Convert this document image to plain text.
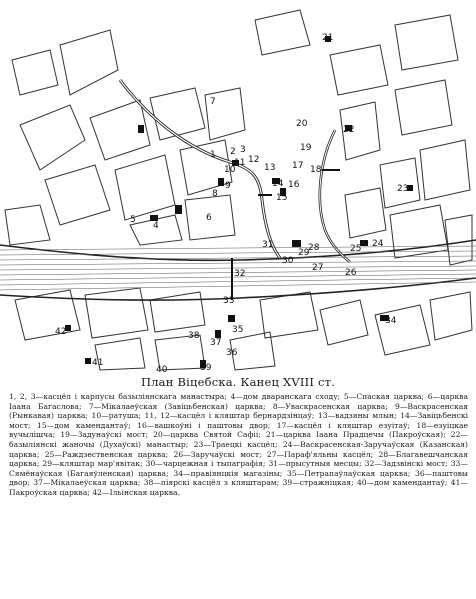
1 2 3
4
5	6
7
8
9
10
11 12
13
14
15
16
17 18
19
20
21
22
23
24
25
26
27
28
29
30
31
32
33
34
35
36
37
38
39
40
41
42
План Віцебска. Канец XVIII ст.

1, 2, 3—касцёл і карпусы базыліянскага манастыра; 4—дом дваранскага сходу; 5—Спаская царква; 6—царква Іаана Багаслова; 7—Мікалаеўская (Завіцьбенская) царква; 8—Уваскрасенская царква; 9—Васкрасенская (Рынкавая) царква; 10—ратуша; 11, 12—касцёл і кляштар бернардзінцаў; 13—вадзяны млын; 14—Завіцьбенскі мост; 15—дом камендантаў; 16—вашкоўні і паштовы двор; 17—касцёл і кляштар езуітаў; 18—езуіцкае вучылішча; 19—Задунаўскі мост; 20—царква Святой Сафіі; 21—царква Іаана Прадцечы (Пакроўская); 22—базыліянскі жаночы (Духаўскі) манастыр; 23—Траецкі касцёл; 24—Васкрасенская-Заручаўская (Казанская) царква; 25—Раждзественская царква; 26—Заручаўскі мост; 27—Параф'яльны касцёл; 28—Благавешчанская царква; 29—кляштар мар'явітак; 30—чарцежная і тыпаграфія; 31—прысутныя месцы; 32—Задзвінскі мост; 33—Сямёнаўская (Багаяўленская) царква; 34—правіянцкія магазіны; 35—Петрапаўлаўская царква; 36—паштовы двор; 37—Мікалаеўская царква; 38—піярскі касцёл з кляштарам; 39—стражніцкая; 40—дом камендантаў; 41—Пакроўская царква; 42—Ільінская царква.
